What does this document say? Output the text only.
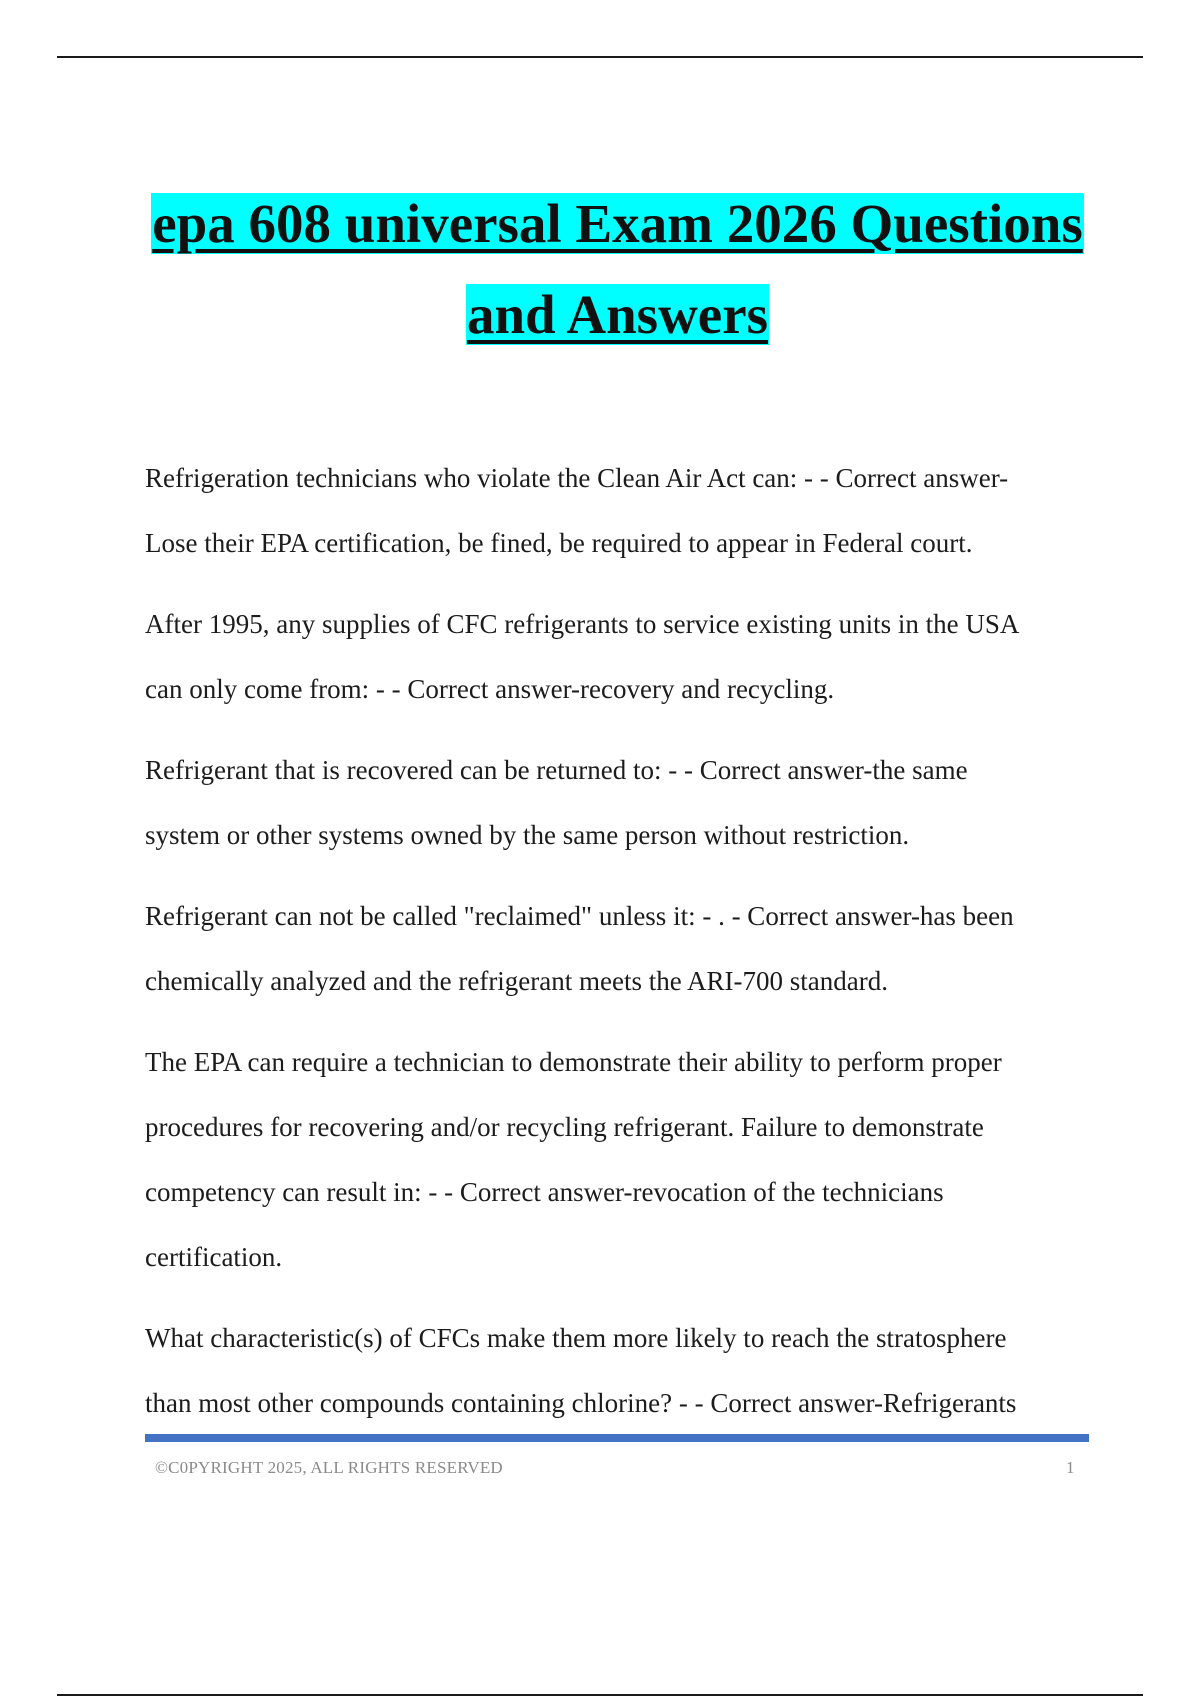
epa 608 universal Exam 2026 Questions

and Answers

Refrigeration technicians who violate the Clean Air Act can: - - Correct answer-
Lose their EPA certification, be fined, be required to appear in Federal court.

After 1995, any supplies of CFC refrigerants to service existing units in the USA
can only come from: - - Correct answer-recovery and recycling.

Refrigerant that is recovered can be returned to: - - Correct answer-the same
system or other systems owned by the same person without restriction.

Refrigerant can not be called "reclaimed" unless it: - . - Correct answer-has been
chemically analyzed and the refrigerant meets the ARI-700 standard.

The EPA can require a technician to demonstrate their ability to perform proper
procedures for recovering and/or recycling refrigerant. Failure to demonstrate
competency can result in: - - Correct answer-revocation of the technicians
certification.

What characteristic(s) of CFCs make them more likely to reach the stratosphere
than most other compounds containing chlorine? - - Correct answer-Refrigerants

©C0PYRIGHT 2025, ALL RIGHTS RESERVED	1
